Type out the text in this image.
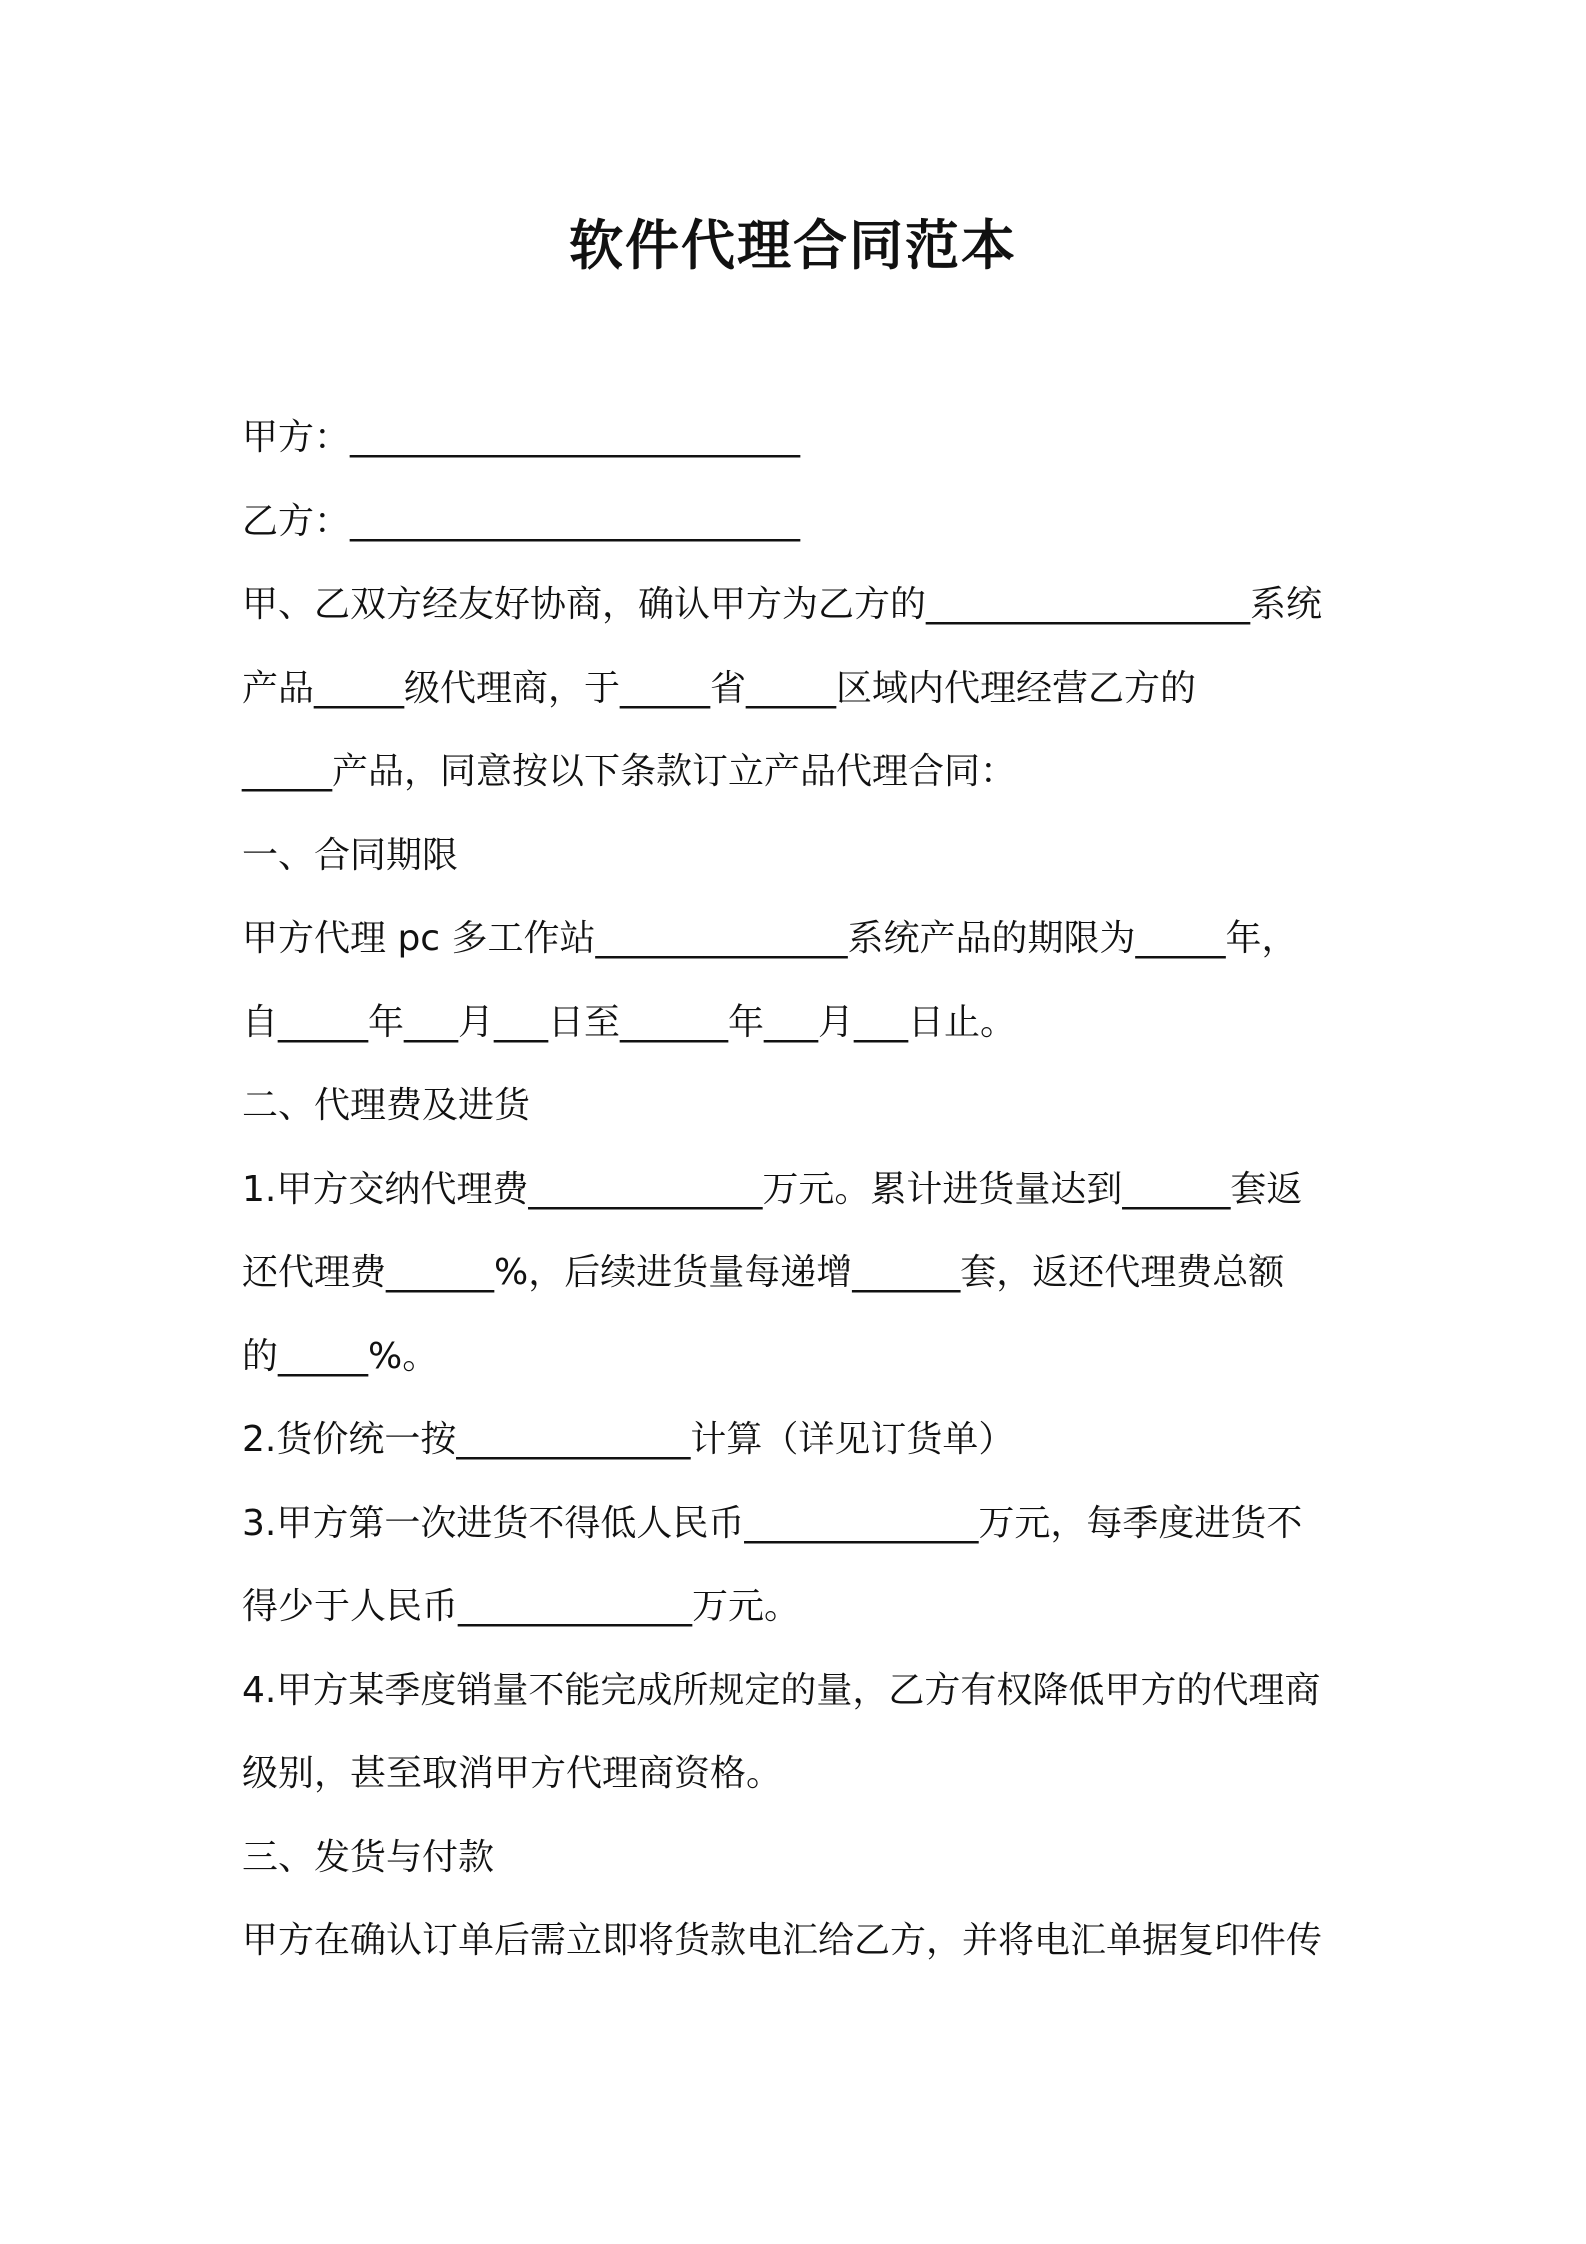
软件代理合同范本
甲方：_________________________
乙方：_________________________
甲、乙双方经友好协商，确认甲方为乙方的__________________系统
产品_____级代理商，于_____省_____区域内代理经营乙方的
_____产品，同意按以下条款订立产品代理合同：
一、合同期限
甲方代理 pc 多工作站______________系统产品的期限为_____年，
自_____年___月___日至______年___月___日止。
二、代理费及进货
1.甲方交纳代理费_____________万元。累计进货量达到______套返
还代理费______%，后续进货量每递增______套，返还代理费总额
的_____%。
2.货价统一按_____________计算（详见订货单）
3.甲方第一次进货不得低人民币_____________万元，每季度进货不
得少于人民币_____________万元。
4.甲方某季度销量不能完成所规定的量，乙方有权降低甲方的代理商
级别，甚至取消甲方代理商资格。
三、发货与付款
甲方在确认订单后需立即将货款电汇给乙方，并将电汇单据复印件传
